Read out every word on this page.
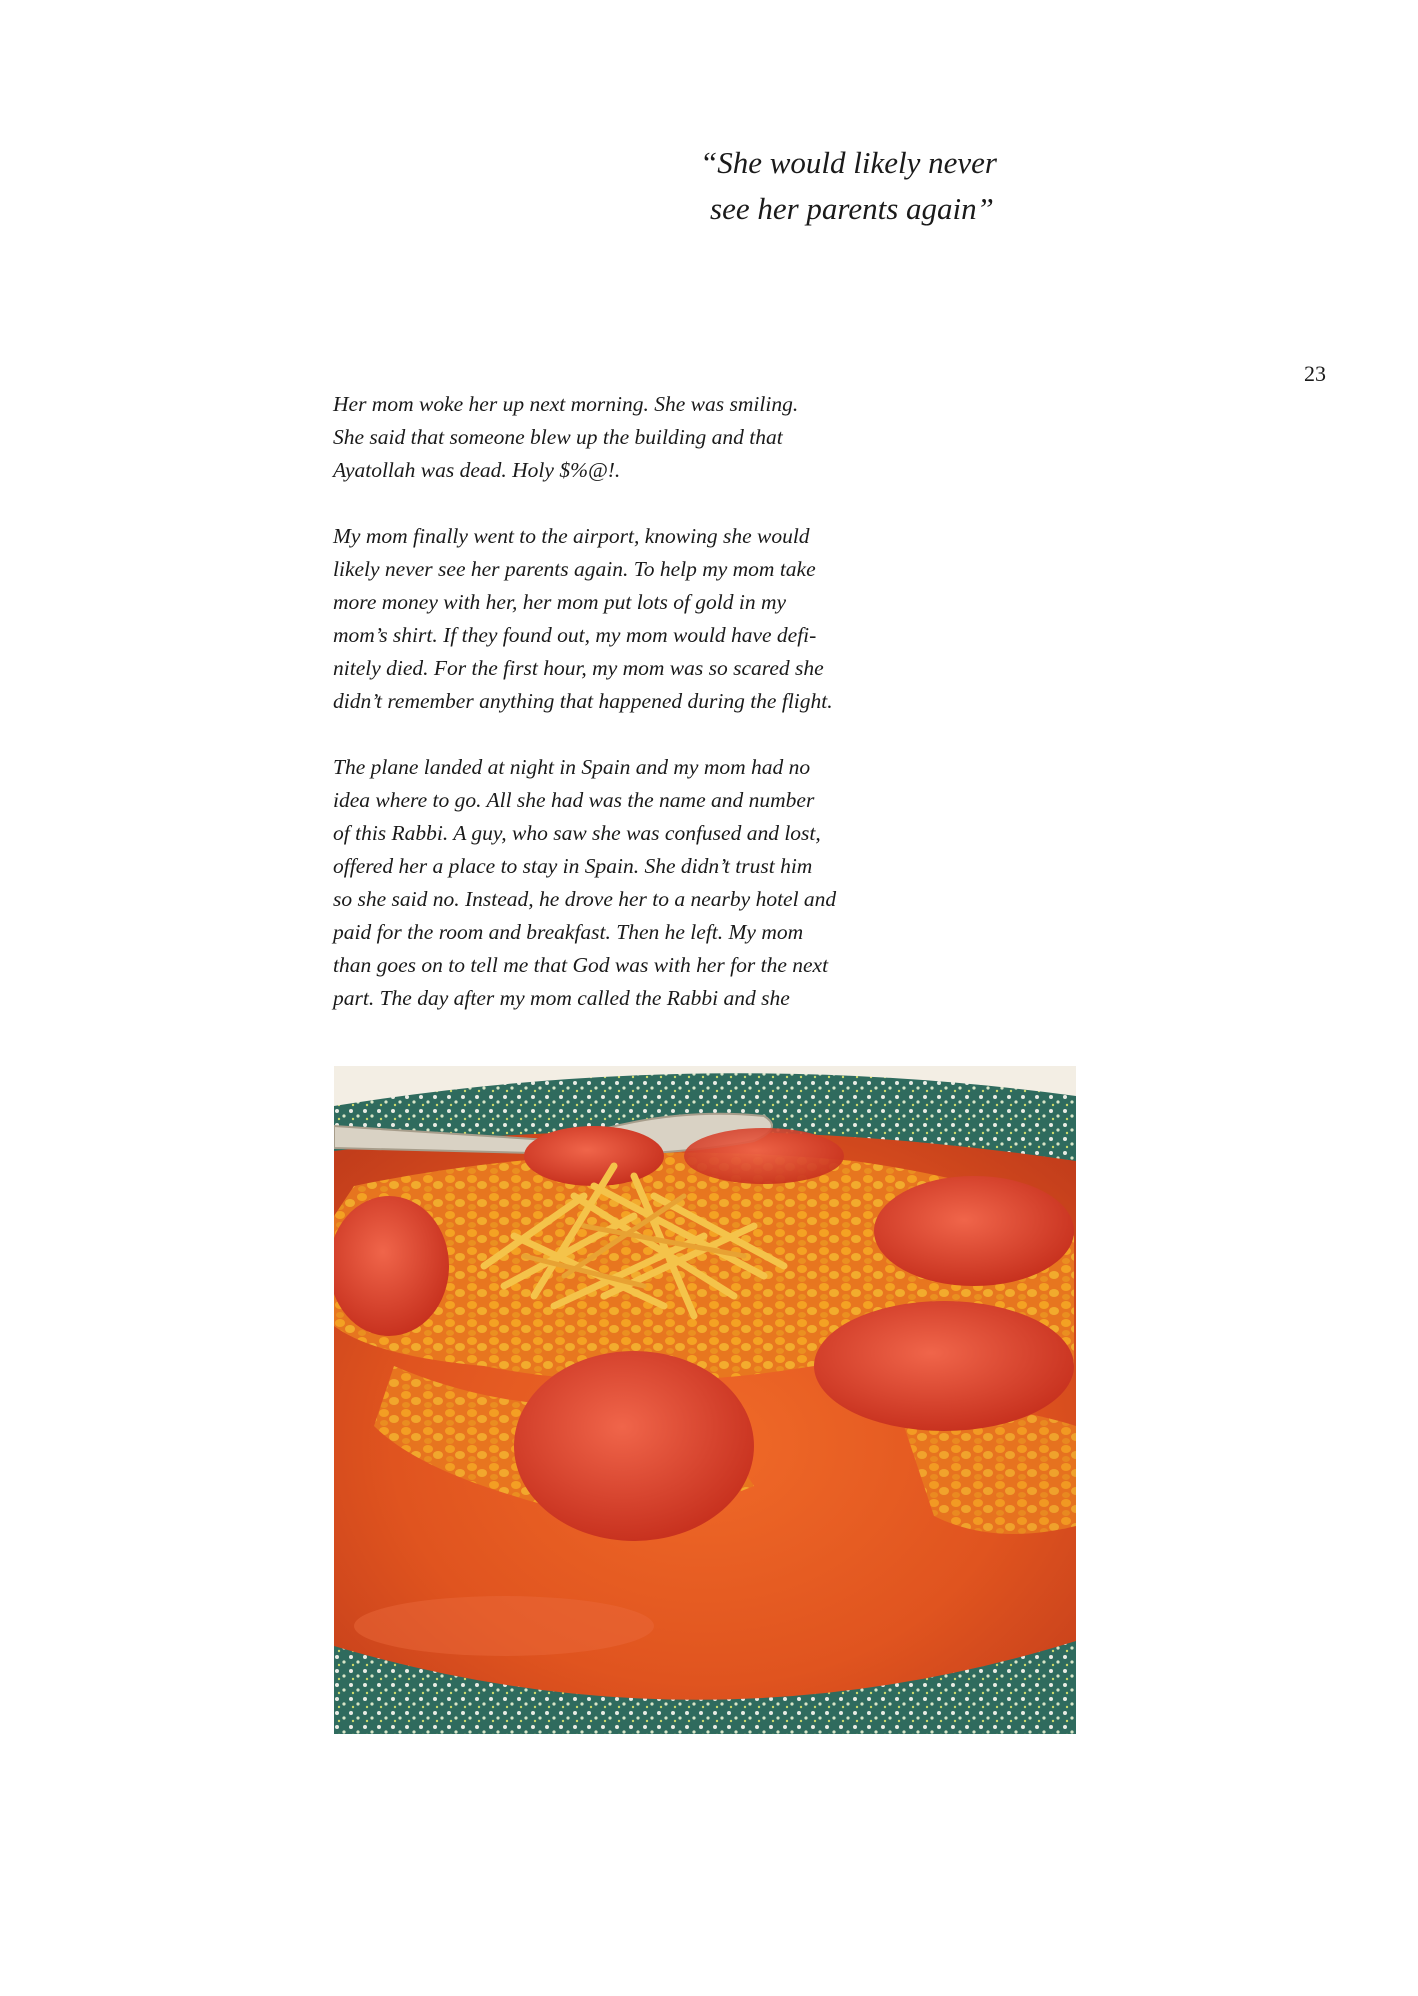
“She would likely never
see her parents again”
23
Her mom woke her up next morning. She was smiling.
She said that someone blew up the building and that
Ayatollah was dead. Holy $%@!.
My mom finally went to the airport, knowing she would
likely never see her parents again. To help my mom take
more money with her, her mom put lots of gold in my
mom’s shirt. If they found out, my mom would have defi-
nitely died. For the first hour, my mom was so scared she
didn’t remember anything that happened during the flight.
The plane landed at night in Spain and my mom had no
idea where to go. All she had was the name and number
of this Rabbi. A guy, who saw she was confused and lost,
offered her a place to stay in Spain. She didn’t trust him
so she said no. Instead, he drove her to a nearby hotel and
paid for the room and breakfast. Then he left. My mom
than goes on to tell me that God was with her for the next
part. The day after my mom called the Rabbi and she
